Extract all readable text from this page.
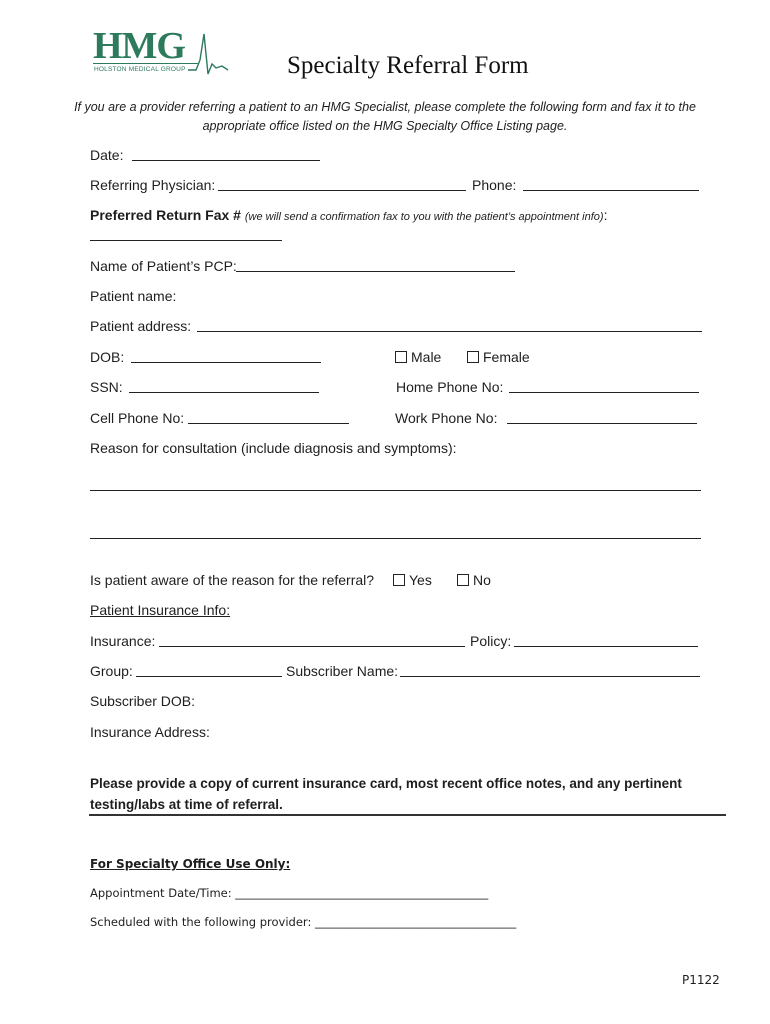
HMG
HOLSTON MEDICAL GROUP	Specialty Referral Form
If you are a provider referring a patient to an HMG Specialist, please complete the following form and fax it to the appropriate office listed on the HMG Specialty Office Listing page.
Date:
Referring Physician:	Phone:
Preferred Return Fax # (we will send a confirmation fax to you with the patient’s appointment info):
Name of Patient’s PCP:
Patient name:
Patient address:
DOB:	Male	Female
SSN:	Home Phone No:
Cell Phone No:	Work Phone No:
Reason for consultation (include diagnosis and symptoms):
Is patient aware of the reason for the referral?	Yes	No
Patient Insurance Info:
Insurance:	Policy:
Group:	Subscriber Name:
Subscriber DOB:
Insurance Address:
Please provide a copy of current insurance card, most recent office notes, and any pertinent testing/labs at time of referral.
For Specialty Office Use Only:
Appointment Date/Time: ____________________________________________
Scheduled with the following provider: ___________________________________
P1122
